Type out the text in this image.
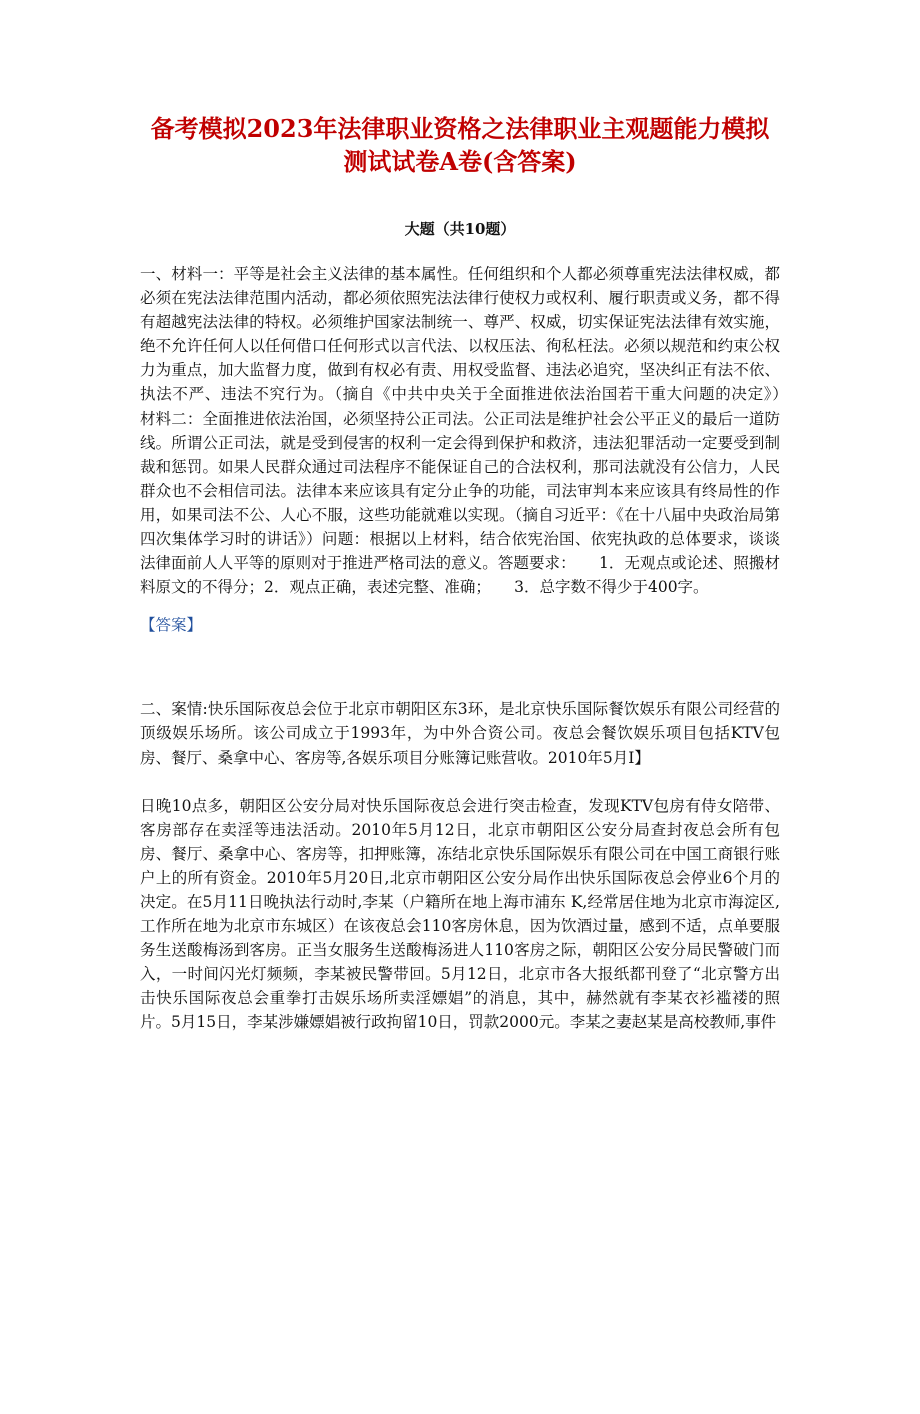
备考模拟2023年法律职业资格之法律职业主观题能力模拟测试试卷A卷(含答案)
大题（共10题）

一、材料一：平等是社会主义法律的基本属性。任何组织和个人都必须尊重宪法法律权威，都必须在宪法法律范围内活动，都必须依照宪法法律行使权力或权利、履行职责或义务，都不得有超越宪法法律的特权。必须维护国家法制统一、尊严、权威，切实保证宪法法律有效实施，绝不允许任何人以任何借口任何形式以言代法、以权压法、徇私枉法。必须以规范和约束公权力为重点，加大监督力度，做到有权必有责、用权受监督、违法必追究，坚决纠正有法不依、执法不严、违法不究行为。（摘自《中共中央关于全面推进依法治国若干重大问题的决定》）　　材料二：全面推进依法治国，必须坚持公正司法。公正司法是维护社会公平正义的最后一道防线。所谓公正司法，就是受到侵害的权利一定会得到保护和救济，违法犯罪活动一定要受到制裁和惩罚。如果人民群众通过司法程序不能保证自己的合法权利，那司法就没有公信力，人民群众也不会相信司法。法律本来应该具有定分止争的功能，司法审判本来应该具有终局性的作用，如果司法不公、人心不服，这些功能就难以实现。（摘自习近平：《在十八届中央政治局第四次集体学习时的讲话》）问题：根据以上材料，结合依宪治国、依宪执政的总体要求，谈谈法律面前人人平等的原则对于推进严格司法的意义。答题要求：　　1．无观点或论述、照搬材料原文的不得分；2．观点正确，表述完整、准确；　　3．总字数不得少于400字。

【答案】

二、案情:快乐国际夜总会位于北京市朝阳区东3环，是北京快乐国际餐饮娱乐有限公司经营的顶级娱乐场所。该公司成立于1993年，为中外合资公司。夜总会餐饮娱乐项目包括KTV包房、餐厅、桑拿中心、客房等,各娱乐项目分账簿记账营收。2010年5月I】

日晚10点多，朝阳区公安分局对快乐国际夜总会进行突击检查，发现KTV包房有侍女陪带、客房部存在卖淫等违法活动。2010年5月12日，北京市朝阳区公安分局查封夜总会所有包房、餐厅、桑拿中心、客房等，扣押账簿，冻结北京快乐国际娱乐有限公司在中国工商银行账户上的所有资金。2010年5月20日,北京市朝阳区公安分局作出快乐国际夜总会停业6个月的决定。在5月11日晚执法行动时,李某（户籍所在地上海市浦东 K,经常居住地为北京市海淀区,工作所在地为北京市东城区）在该夜总会110客房休息，因为饮酒过量，感到不适，点单要服务生送酸梅汤到客房。正当女服务生送酸梅汤进人110客房之际，朝阳区公安分局民警破门而入，一时间闪光灯频频，李某被民警带回。5月12日，北京市各大报纸都刊登了“北京警方出击快乐国际夜总会重拳打击娱乐场所卖淫嫖娼”的消息，其中，赫然就有李某衣衫褴褛的照片。5月15日，李某涉嫌嫖娼被行政拘留10日，罚款2000元。李某之妻赵某是高校教师,事件
